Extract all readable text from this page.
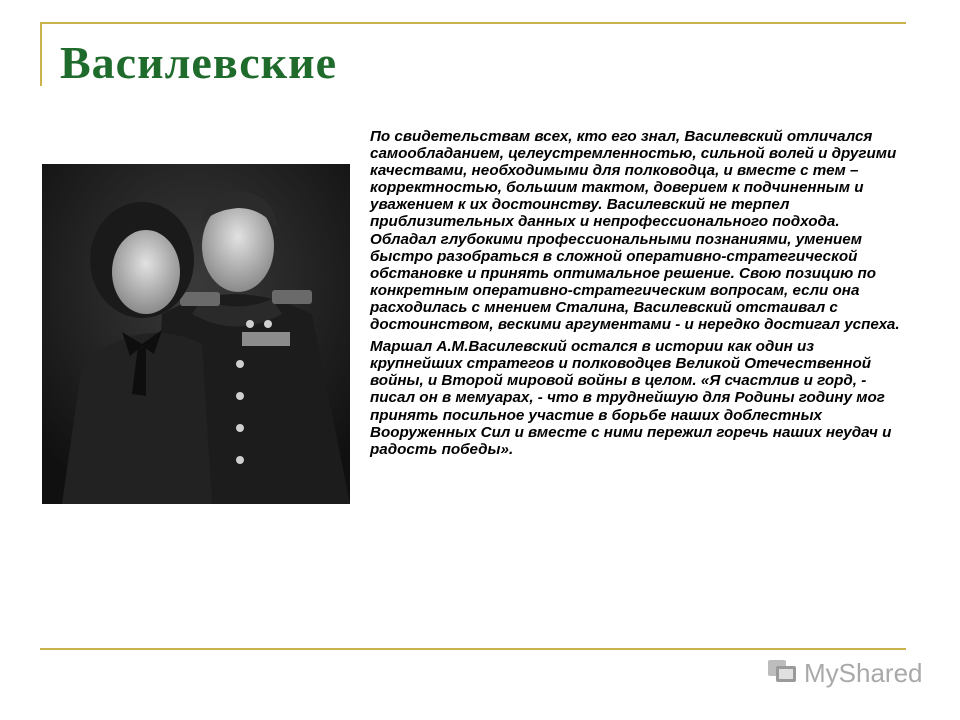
Василевские

По свидетельствам всех, кто его знал, Василевский отличался самообладанием, целеустремленностью, сильной волей и другими качествами, необходимыми для полководца, и вместе с тем – корректностью, большим тактом, доверием к подчиненным и уважением к их достоинству. Василевский не терпел приблизительных данных и непрофессионального подхода. Обладал глубокими профессиональными познаниями, умением быстро разобраться в сложной оперативно-стратегической обстановке и принять оптимальное решение. Свою позицию по конкретным оперативно-стратегическим вопросам, если она расходилась с мнением Сталина, Василевский отстаивал с достоинством, вескими аргументами - и нередко достигал успеха.

Маршал А.М.Василевский остался в истории как один из крупнейших стратегов и полководцев Великой Отечественной войны, и Второй мировой войны в целом. «Я счастлив и горд, - писал он в мемуарах, - что в труднейшую для Родины годину мог принять посильное участие в борьбе наших доблестных Вооруженных Сил и вместе с ними пережил горечь наших неудач и радость победы».

MyShared
